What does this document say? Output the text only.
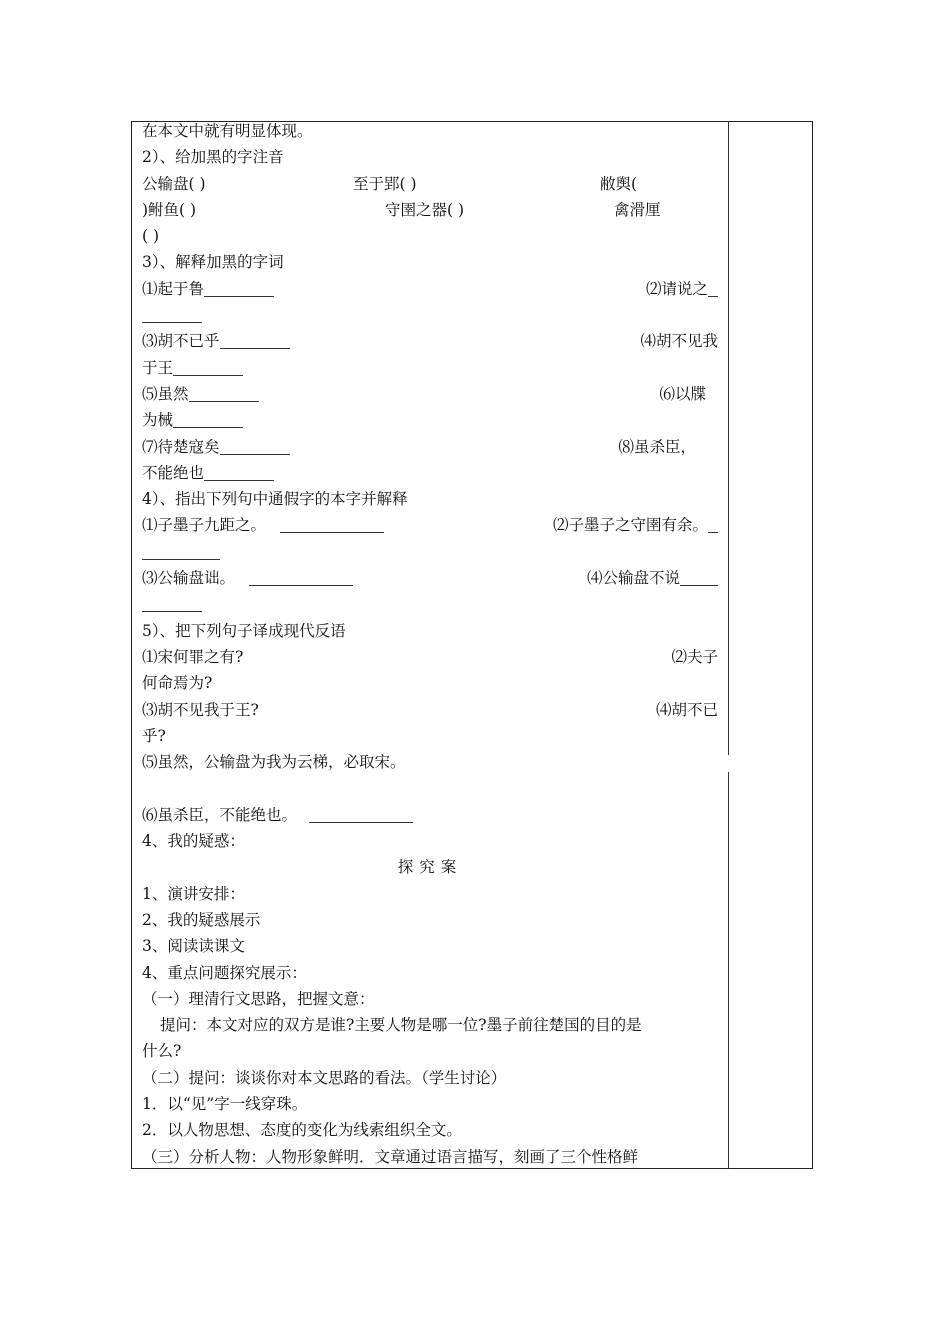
在本文中就有明显体现。
2）、给加黑的字注音
公输盘( )	至于郢( )	敝舆(
)鲋鱼( )	守圉之器( )	禽滑厘
( )
3）、解释加黑的字词
⑴起于鲁	⑵请说之
⑶胡不已乎	⑷胡不见我
于王
⑸虽然	⑹以牒
为械
⑺待楚寇矣	⑻虽杀臣，
不能绝也
4）、指出下列句中通假字的本字并解释
⑴子墨子九距之。	⑵子墨子之守圉有余。
⑶公输盘诎。	⑷公输盘不说
5）、把下列句子译成现代反语
⑴宋何罪之有?	⑵夫子
何命焉为?
⑶胡不见我于王?	⑷胡不已
乎?
⑸虽然，公输盘为我为云梯，必取宋。
⑹虽杀臣，不能绝也。
4、我的疑惑：
探究案
1、演讲安排：
2、我的疑惑展示
3、阅读读课文
4、重点问题探究展示：
（一）理清行文思路，把握文意：
提问：本文对应的双方是谁?主要人物是哪一位?墨子前往楚国的目的是
什么?
（二）提问：谈谈你对本文思路的看法。（学生讨论）
1．以“见”字一线穿珠。
2．以人物思想、态度的变化为线索组织全文。
（三）分析人物：人物形象鲜明．文章通过语言描写，刻画了三个性格鲜
